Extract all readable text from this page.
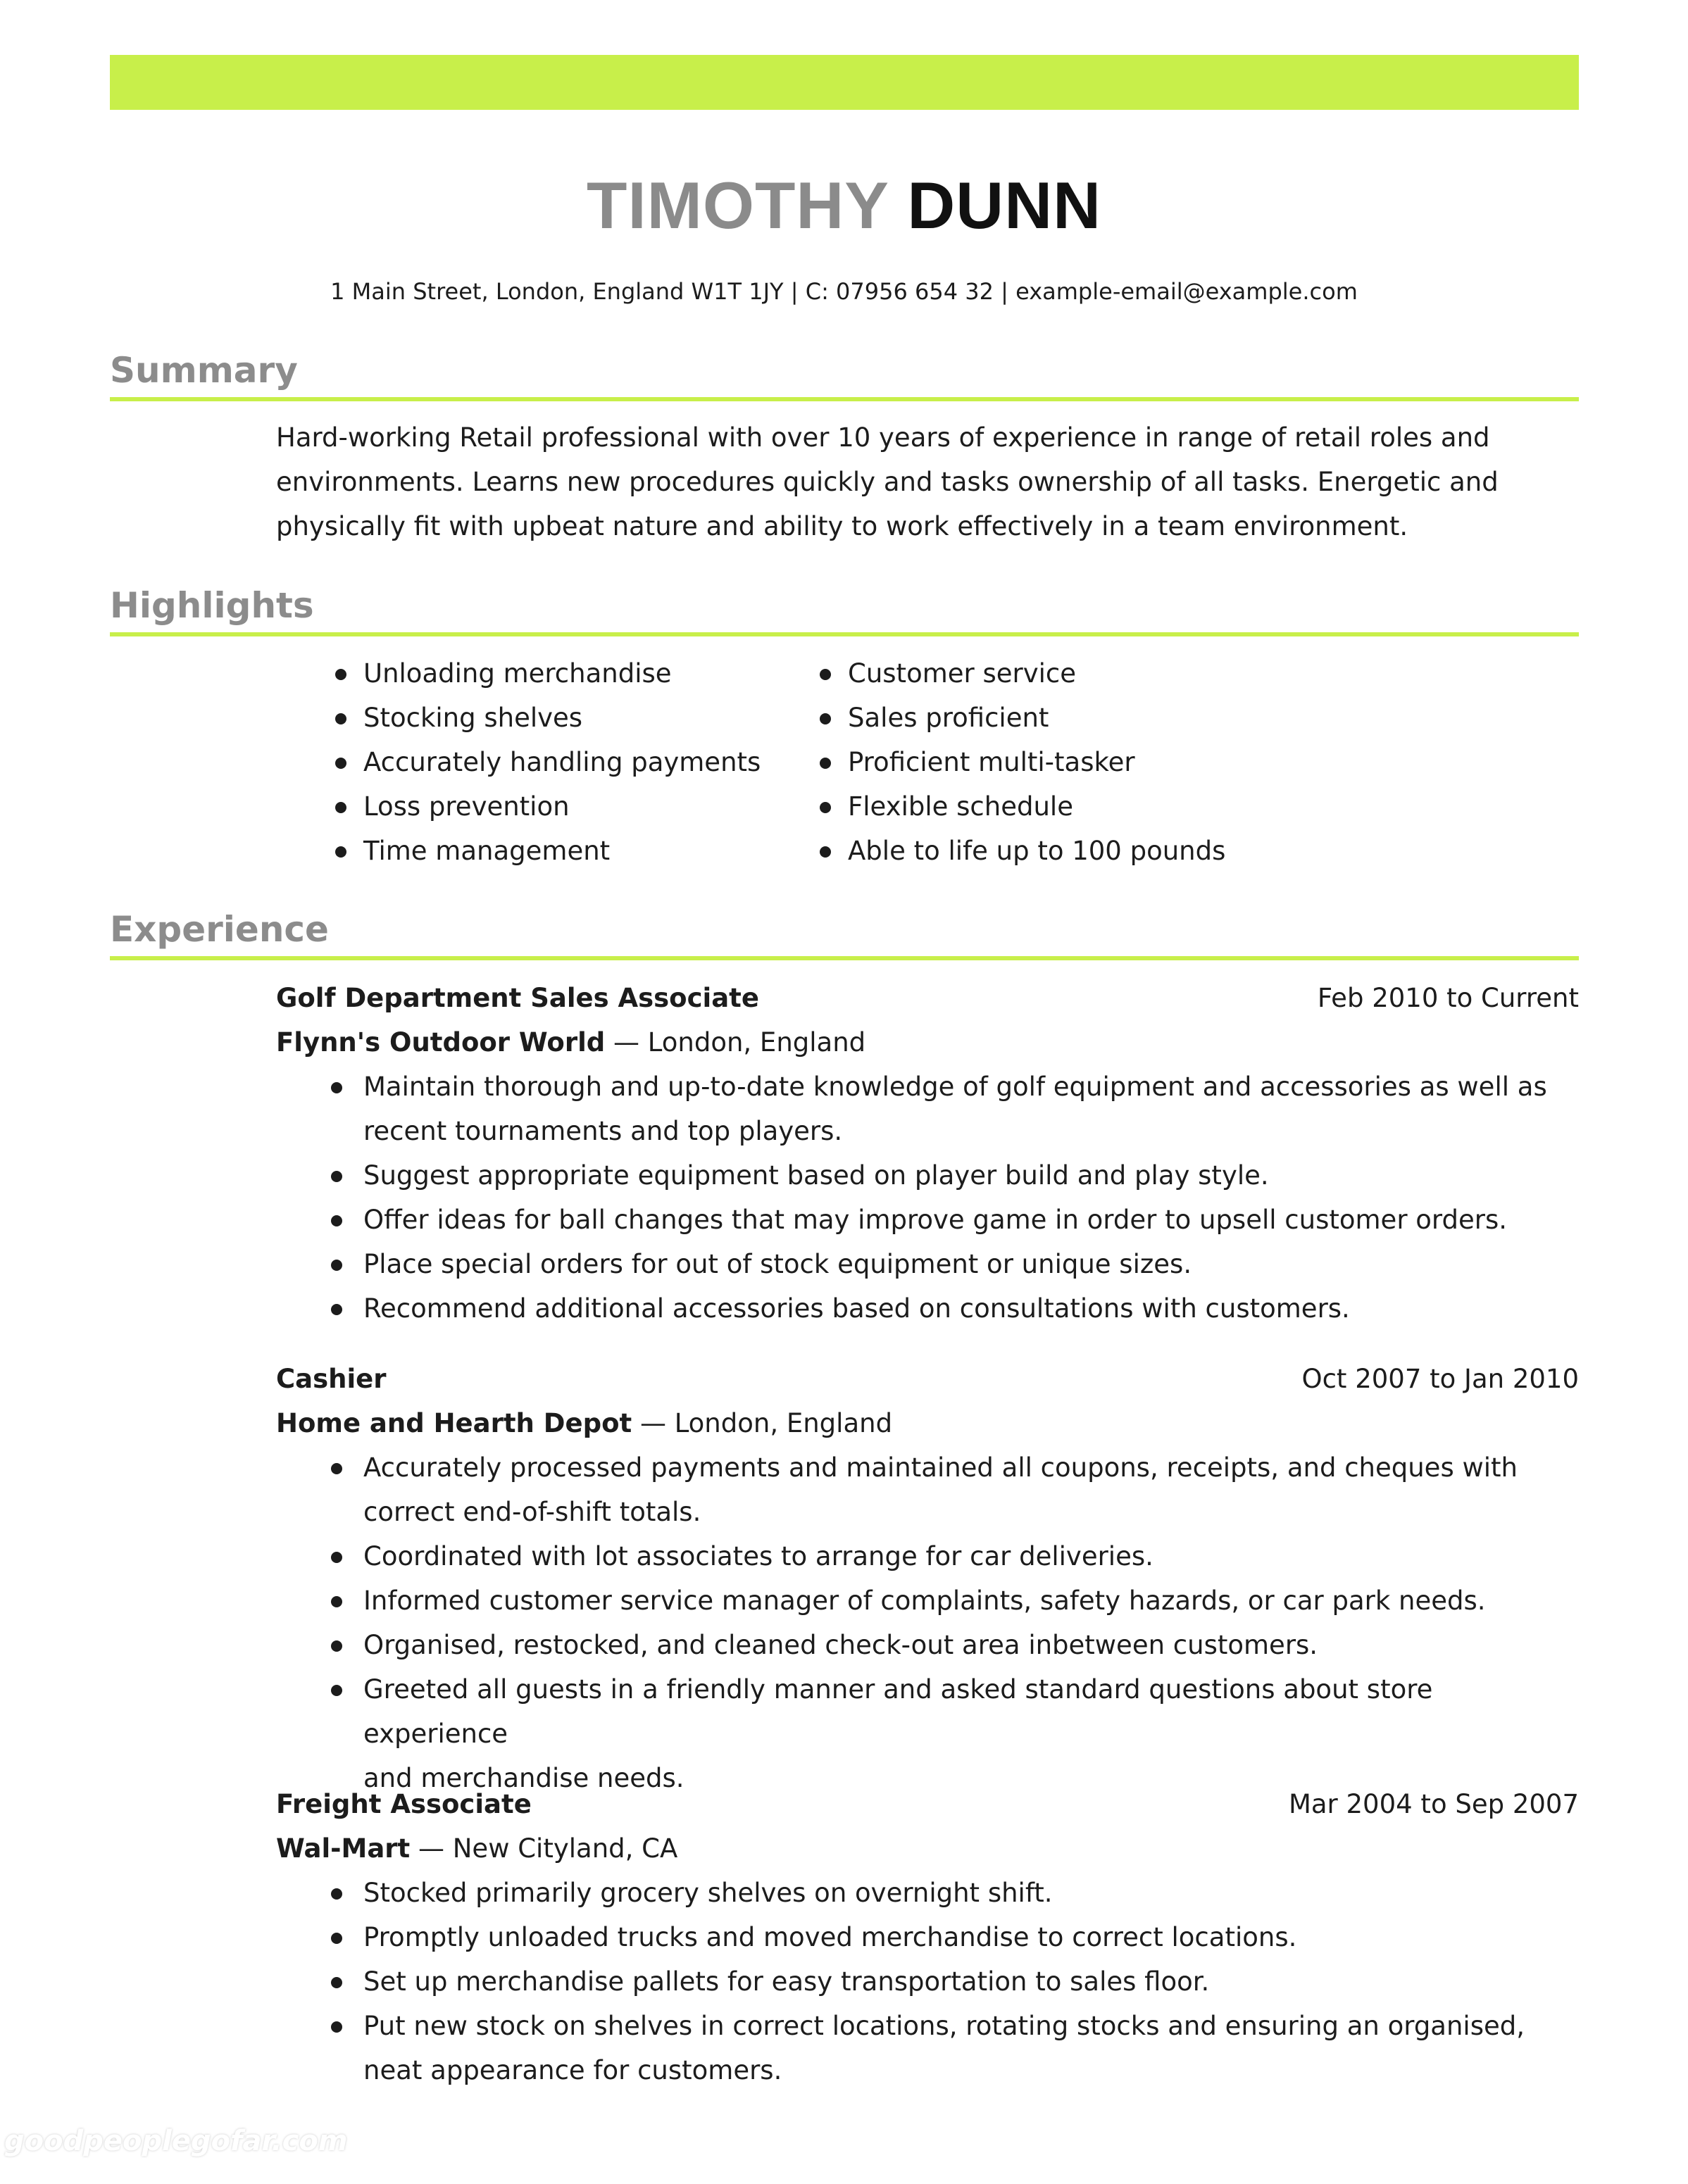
TIMOTHY DUNN
1 Main Street, London, England W1T 1JY | C: 07956 654 32 | example-email@example.com
Summary
Hard-working Retail professional with over 10 years of experience in range of retail roles and
environments. Learns new procedures quickly and tasks ownership of all tasks. Energetic and
physically fit with upbeat nature and ability to work effectively in a team environment.
Highlights
Unloading merchandise
Stocking shelves
Accurately handling payments
Loss prevention
Time management
Customer service
Sales proficient
Proficient multi-tasker
Flexible schedule
Able to life up to 100 pounds
Experience
Golf Department Sales Associate	Feb 2010 to Current
Flynn's Outdoor World — London, England
Maintain thorough and up-to-date knowledge of golf equipment and accessories as well as
recent tournaments and top players.
Suggest appropriate equipment based on player build and play style.
Offer ideas for ball changes that may improve game in order to upsell customer orders.
Place special orders for out of stock equipment or unique sizes.
Recommend additional accessories based on consultations with customers.
Cashier	Oct 2007 to Jan 2010
Home and Hearth Depot — London, England
Accurately processed payments and maintained all coupons, receipts, and cheques with
correct end-of-shift totals.
Coordinated with lot associates to arrange for car deliveries.
Informed customer service manager of complaints, safety hazards, or car park needs.
Organised, restocked, and cleaned check-out area inbetween customers.
Greeted all guests in a friendly manner and asked standard questions about store experience
and merchandise needs.
Freight Associate	Mar 2004 to Sep 2007
Wal-Mart — New Cityland, CA
Stocked primarily grocery shelves on overnight shift.
Promptly unloaded trucks and moved merchandise to correct locations.
Set up merchandise pallets for easy transportation to sales floor.
Put new stock on shelves in correct locations, rotating stocks and ensuring an organised,
neat appearance for customers.
goodpeoplegofar.com
